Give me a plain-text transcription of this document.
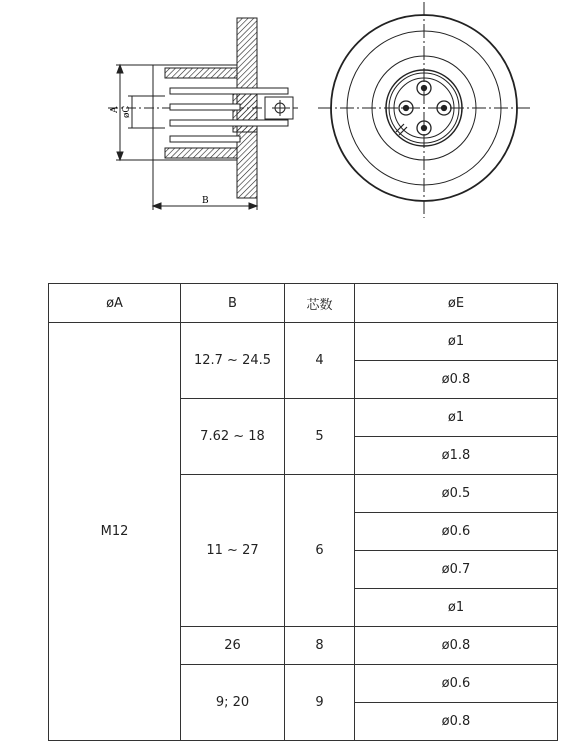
A øC
B
øA	B	芯数	øE
M12	12.7 ~ 24.5	4	ø1
			ø0.8
	7.62 ~ 18	5	ø1
			ø1.8
	11 ~ 27	6	ø0.5
			ø0.6
			ø0.7
			ø1
	26	8	ø0.8
	9; 20	9	ø0.6
			ø0.8
